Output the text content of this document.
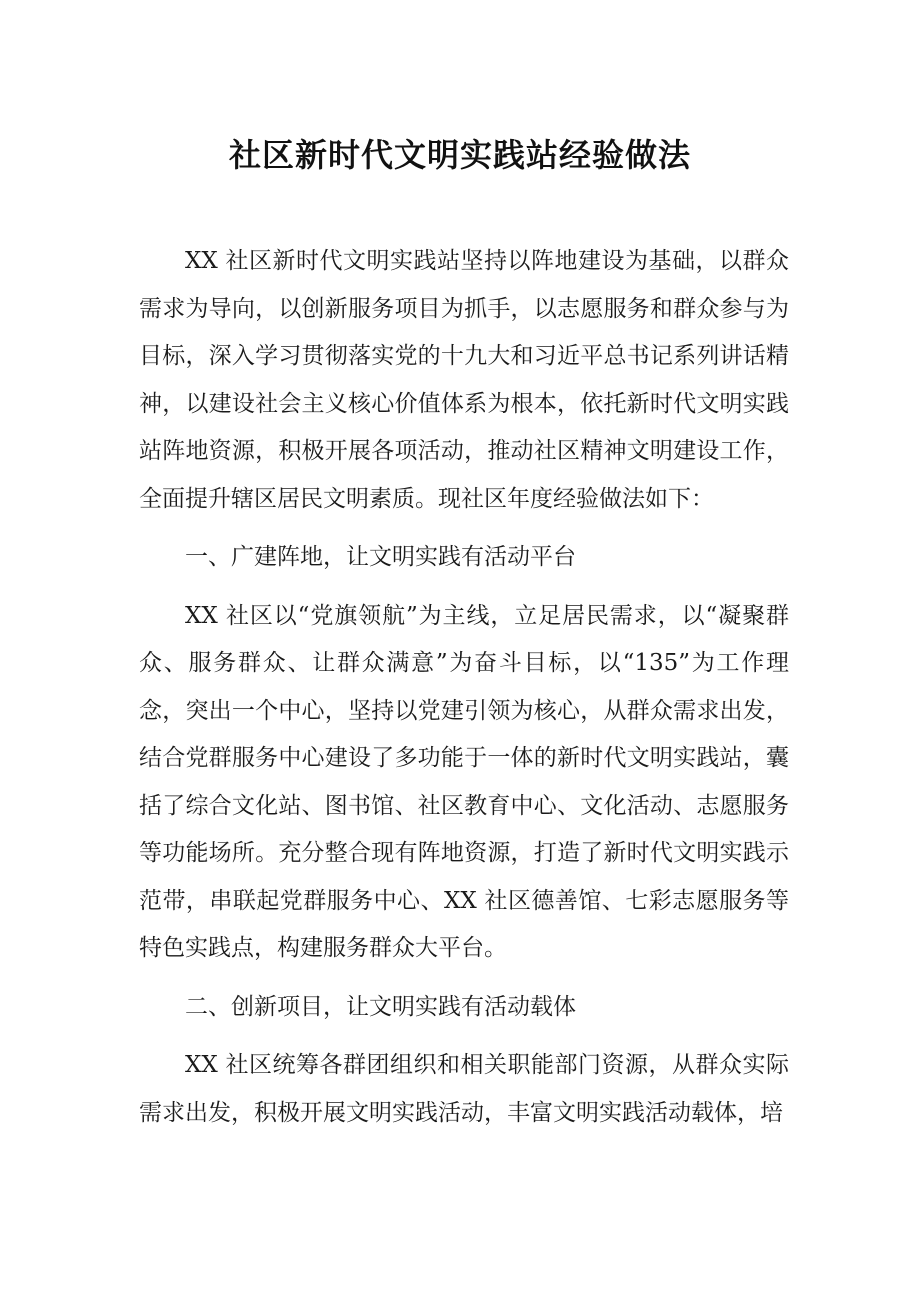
社区新时代文明实践站经验做法

XX 社区新时代文明实践站坚持以阵地建设为基础，以群众需求为导向，以创新服务项目为抓手，以志愿服务和群众参与为目标，深入学习贯彻落实党的十九大和习近平总书记系列讲话精神，以建设社会主义核心价值体系为根本，依托新时代文明实践站阵地资源，积极开展各项活动，推动社区精神文明建设工作，全面提升辖区居民文明素质。现社区年度经验做法如下：

一、广建阵地，让文明实践有活动平台

XX 社区以“党旗领航”为主线，立足居民需求，以“凝聚群众、服务群众、让群众满意”为奋斗目标，以“135”为工作理念，突出一个中心，坚持以党建引领为核心，从群众需求出发，结合党群服务中心建设了多功能于一体的新时代文明实践站，囊括了综合文化站、图书馆、社区教育中心、文化活动、志愿服务等功能场所。充分整合现有阵地资源，打造了新时代文明实践示范带，串联起党群服务中心、XX 社区德善馆、七彩志愿服务等特色实践点，构建服务群众大平台。

二、创新项目，让文明实践有活动载体

XX 社区统筹各群团组织和相关职能部门资源，从群众实际需求出发，积极开展文明实践活动，丰富文明实践活动载体，培
